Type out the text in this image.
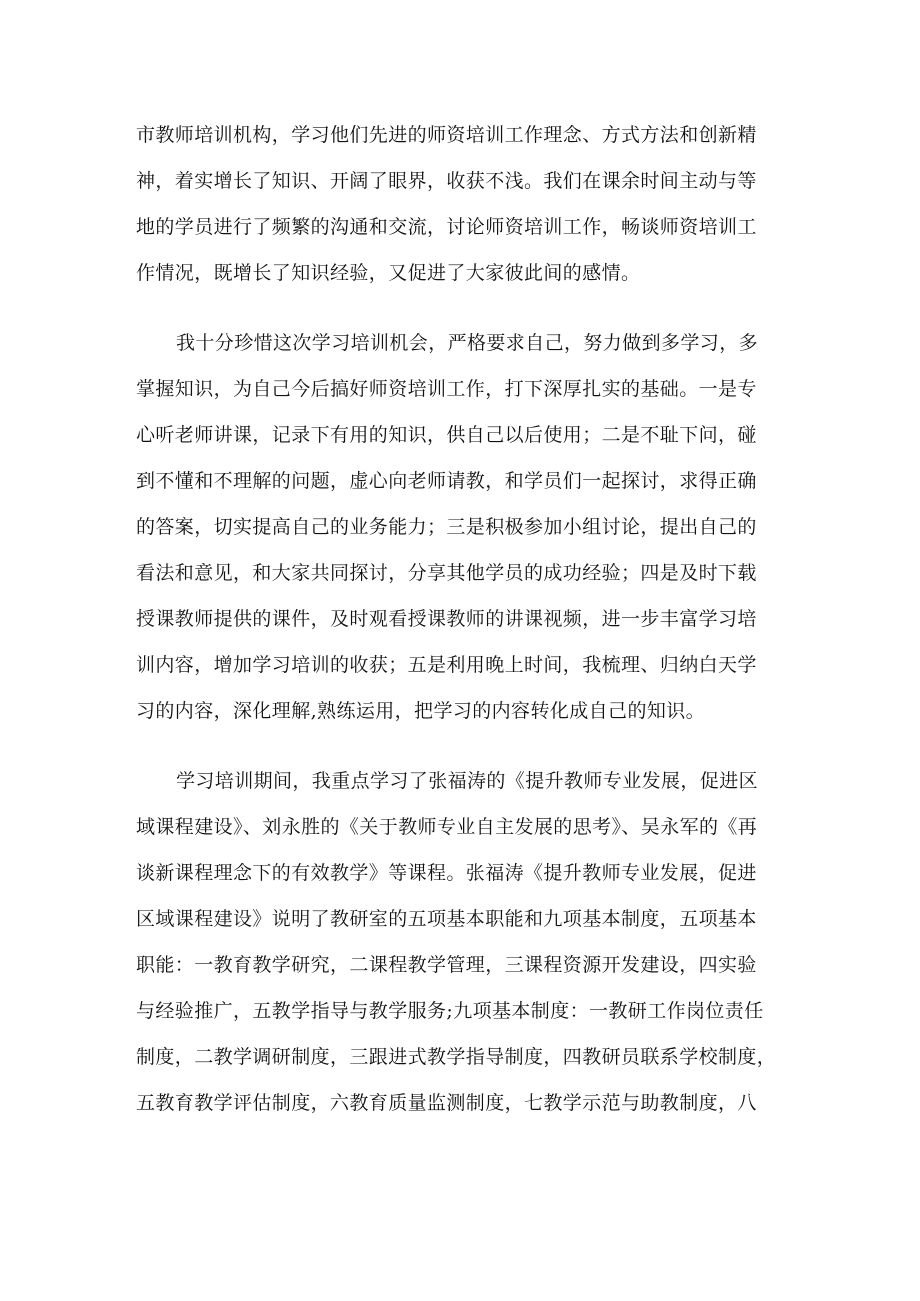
市教师培训机构，学习他们先进的师资培训工作理念、方式方法和创新精
神，着实增长了知识、开阔了眼界，收获不浅。我们在课余时间主动与等
地的学员进行了频繁的沟通和交流，讨论师资培训工作，畅谈师资培训工
作情况，既增长了知识经验，又促进了大家彼此间的感情。
我十分珍惜这次学习培训机会，严格要求自己，努力做到多学习，多
掌握知识，为自己今后搞好师资培训工作，打下深厚扎实的基础。一是专
心听老师讲课，记录下有用的知识，供自己以后使用；二是不耻下问，碰
到不懂和不理解的问题，虚心向老师请教，和学员们一起探讨，求得正确
的答案，切实提高自己的业务能力；三是积极参加小组讨论，提出自己的
看法和意见，和大家共同探讨，分享其他学员的成功经验；四是及时下载
授课教师提供的课件，及时观看授课教师的讲课视频，进一步丰富学习培
训内容，增加学习培训的收获；五是利用晚上时间，我梳理、归纳白天学
习的内容，深化理解,熟练运用，把学习的内容转化成自己的知识。
学习培训期间，我重点学习了张福涛的《提升教师专业发展，促进区
域课程建设》、刘永胜的《关于教师专业自主发展的思考》、吴永军的《再
谈新课程理念下的有效教学》等课程。张福涛《提升教师专业发展，促进
区域课程建设》说明了教研室的五项基本职能和九项基本制度，五项基本
职能：一教育教学研究，二课程教学管理，三课程资源开发建设，四实验
与经验推广，五教学指导与教学服务;九项基本制度：一教研工作岗位责任
制度，二教学调研制度，三跟进式教学指导制度，四教研员联系学校制度，
五教育教学评估制度，六教育质量监测制度，七教学示范与助教制度，八
